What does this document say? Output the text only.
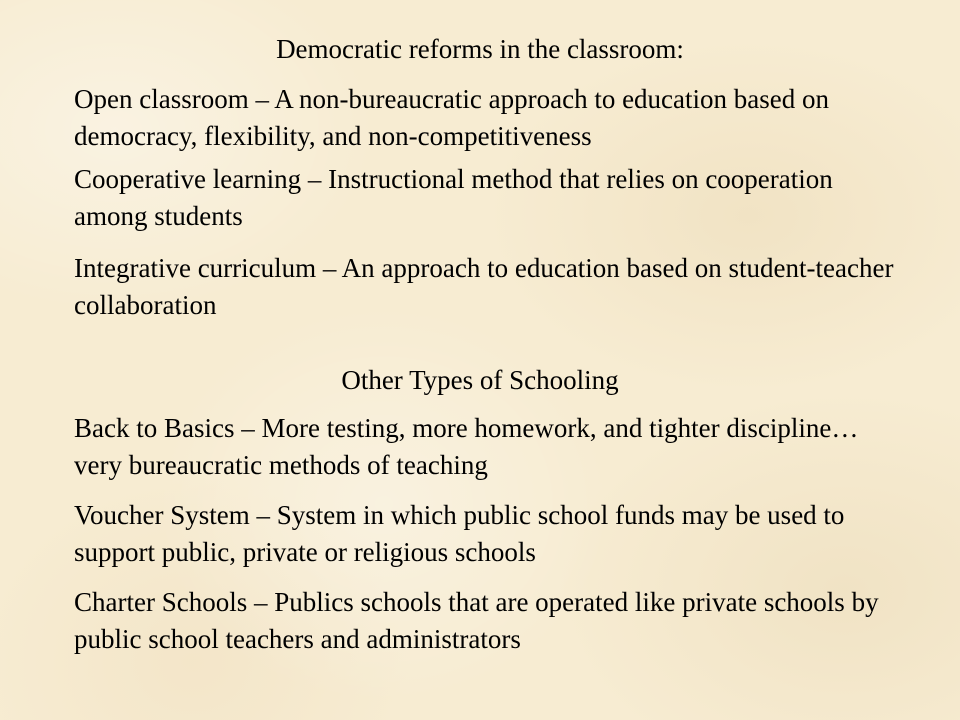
Democratic reforms in the classroom:

Open classroom – A non-bureaucratic approach to education based on democracy, flexibility, and non-competitiveness

Cooperative learning – Instructional method that relies on cooperation among students

Integrative curriculum – An approach to education based on student-teacher collaboration

Other Types of Schooling

Back to Basics – More testing, more homework, and tighter discipline…very bureaucratic methods of teaching

Voucher System – System in which public school funds may be used to support public, private or religious schools

Charter Schools – Publics schools that are operated like private schools by public school teachers and administrators
